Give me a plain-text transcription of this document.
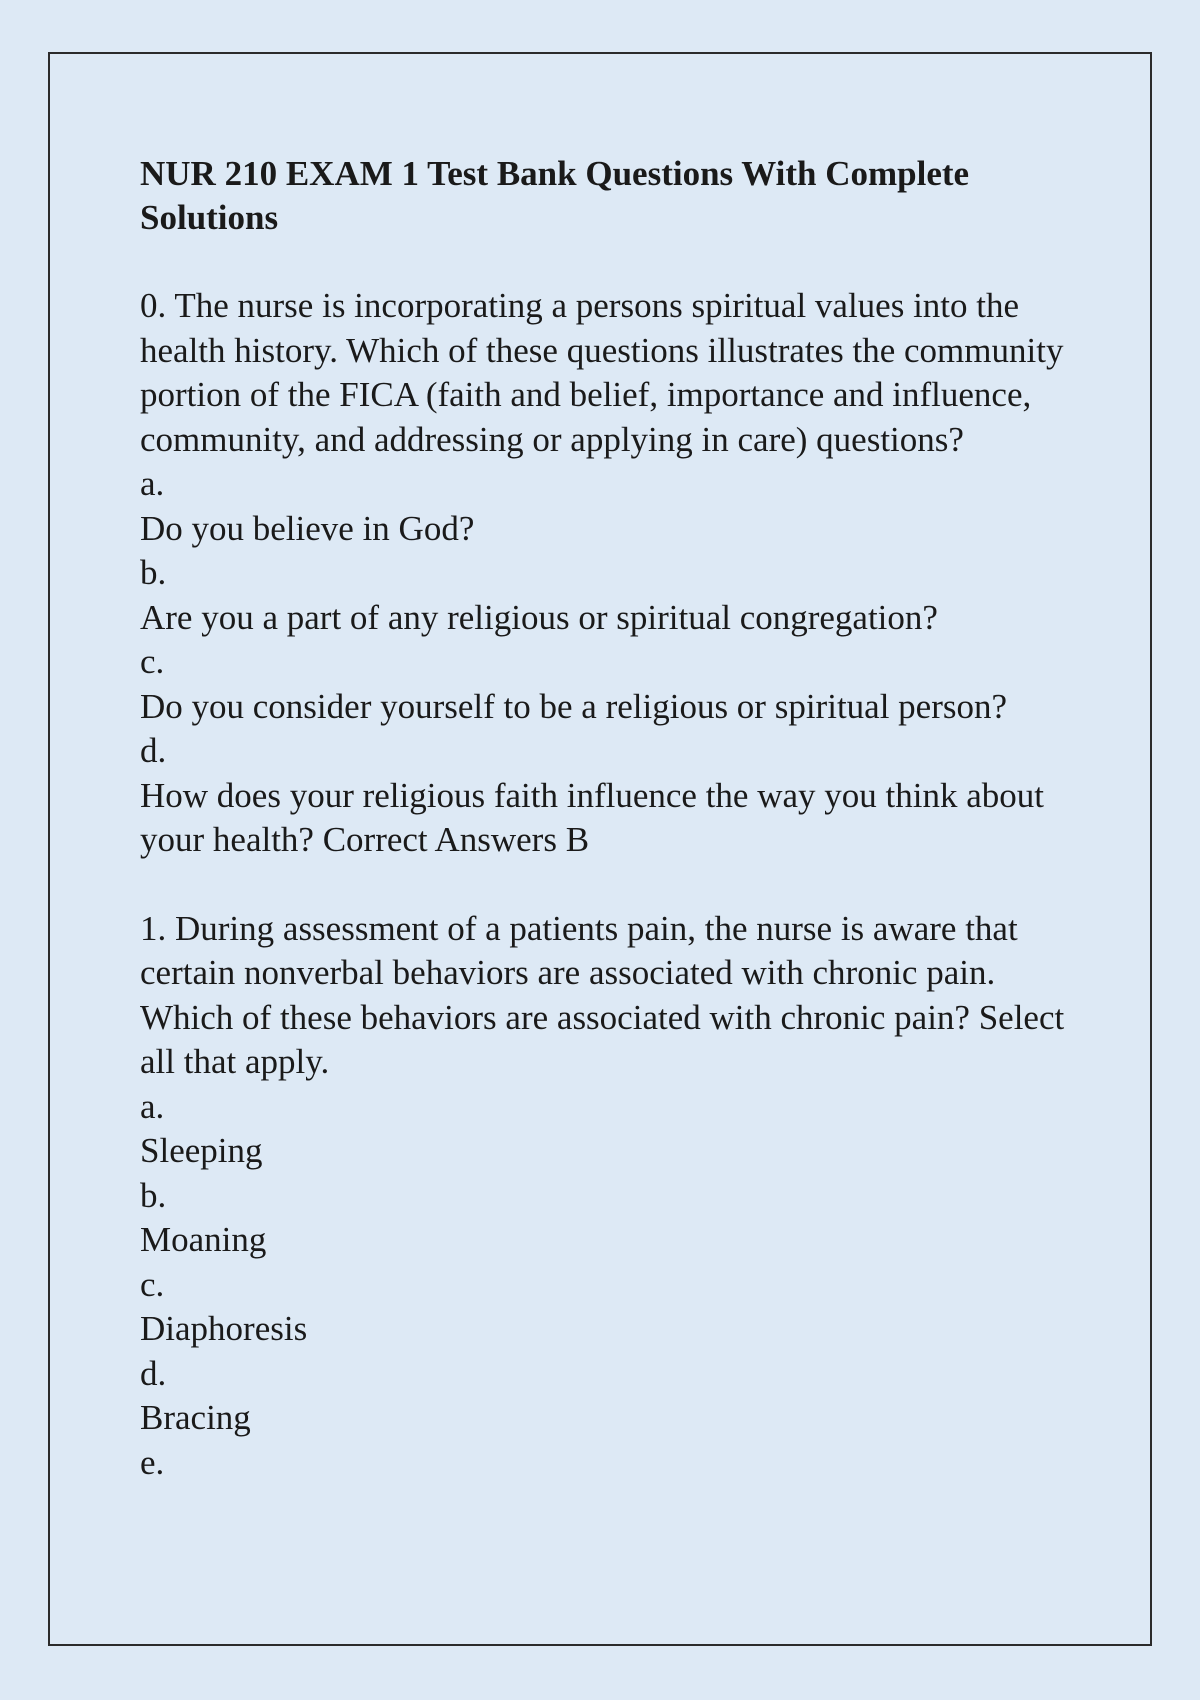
NUR 210 EXAM 1 Test Bank Questions With Complete Solutions

0. The nurse is incorporating a persons spiritual values into the health history. Which of these questions illustrates the community portion of the FICA (faith and belief, importance and influence, community, and addressing or applying in care) questions?

a.

Do you believe in God?

b.

Are you a part of any religious or spiritual congregation?

c.

Do you consider yourself to be a religious or spiritual person?

d.

How does your religious faith influence the way you think about your health? Correct Answers B

1. During assessment of a patients pain, the nurse is aware that certain nonverbal behaviors are associated with chronic pain. Which of these behaviors are associated with chronic pain? Select all that apply.

a.

Sleeping

b.

Moaning

c.

Diaphoresis

d.

Bracing

e.
